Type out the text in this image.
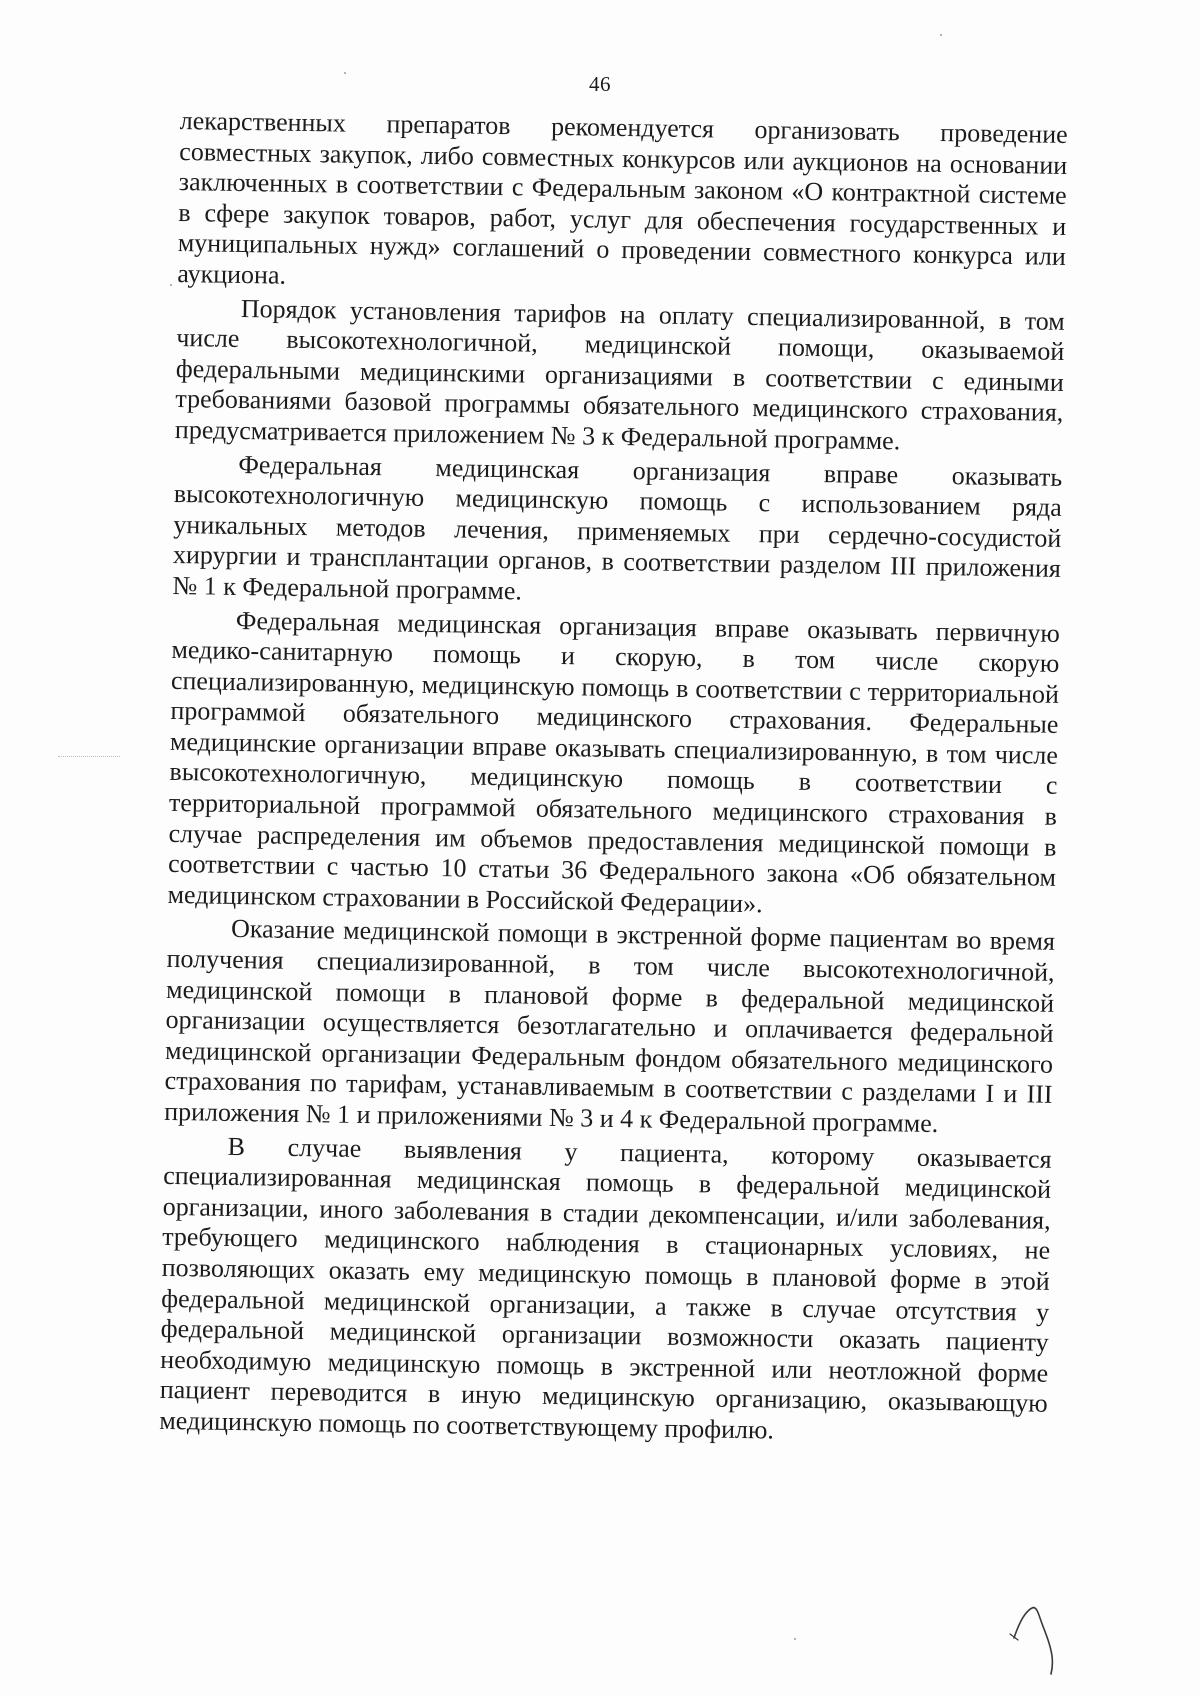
46

лекарственных препаратов рекомендуется организовать проведение совместных закупок, либо совместных конкурсов или аукционов на основании заключенных в соответствии с Федеральным законом «О контрактной системе в сфере закупок товаров, работ, услуг для обеспечения государственных и муниципальных нужд» соглашений о проведении совместного конкурса или аукциона.

Порядок установления тарифов на оплату специализированной, в том числе высокотехнологичной, медицинской помощи, оказываемой федеральными медицинскими организациями в соответствии с едиными требованиями базовой программы обязательного медицинского страхования, предусматривается приложением № 3 к Федеральной программе.

Федеральная медицинская организация вправе оказывать высокотехнологичную медицинскую помощь с использованием ряда уникальных методов лечения, применяемых при сердечно-сосудистой хирургии и трансплантации органов, в соответствии разделом III приложения № 1 к Федеральной программе.

Федеральная медицинская организация вправе оказывать первичную медико-санитарную помощь и скорую, в том числе скорую специализированную, медицинскую помощь в соответствии с территориальной программой обязательного медицинского страхования. Федеральные медицинские организации вправе оказывать специализированную, в том числе высокотехнологичную, медицинскую помощь в соответствии с территориальной программой обязательного медицинского страхования в случае распределения им объемов предоставления медицинской помощи в соответствии с частью 10 статьи 36 Федерального закона «Об обязательном медицинском страховании в Российской Федерации».

Оказание медицинской помощи в экстренной форме пациентам во время получения специализированной, в том числе высокотехнологичной, медицинской помощи в плановой форме в федеральной медицинской организации осуществляется безотлагательно и оплачивается федеральной медицинской организации Федеральным фондом обязательного медицинского страхования по тарифам, устанавливаемым в соответствии с разделами I и III приложения № 1 и приложениями № 3 и 4 к Федеральной программе.

В случае выявления у пациента, которому оказывается специализированная медицинская помощь в федеральной медицинской организации, иного заболевания в стадии декомпенсации, и/или заболевания, требующего медицинского наблюдения в стационарных условиях, не позволяющих оказать ему медицинскую помощь в плановой форме в этой федеральной медицинской организации, а также в случае отсутствия у федеральной медицинской организации возможности оказать пациенту необходимую медицинскую помощь в экстренной или неотложной форме пациент переводится в иную медицинскую организацию, оказывающую медицинскую помощь по соответствующему профилю.
